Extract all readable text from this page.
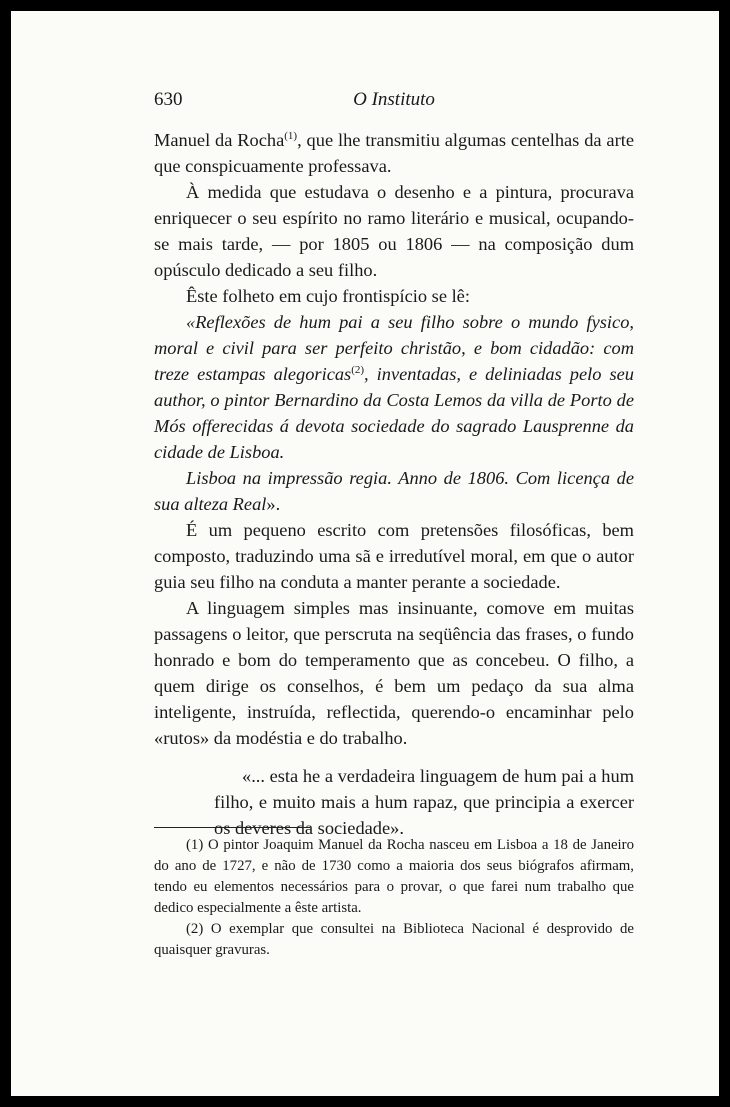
630	O Instituto

Manuel da Rocha$^{(1)}$, que lhe transmitiu algumas centelhas da arte que conspicuamente professava.

À medida que estudava o desenho e a pintura, procurava enriquecer o seu espírito no ramo literário e musical, ocupando-se mais tarde, — por 1805 ou 1806 — na composição dum opúsculo dedicado a seu filho.

Êste folheto em cujo frontispício se lê:

«Reflexões de hum pai a seu filho sobre o mundo fysico, moral e civil para ser perfeito christão, e bom cidadão: com treze estampas alegoricas$^{(2)}$, inventadas, e deliniadas pelo seu author, o pintor Bernardino da Costa Lemos da villa de Porto de Mós offerecidas á devota sociedade do sagrado Lausprenne da cidade de Lisboa.

Lisboa na impressão regia. Anno de 1806. Com licença de sua alteza Real».

É um pequeno escrito com pretensões filosóficas, bem composto, traduzindo uma sã e irredutível moral, em que o autor guia seu filho na conduta a manter perante a sociedade.

A linguagem simples mas insinuante, comove em muitas passagens o leitor, que perscruta na seqüência das frases, o fundo honrado e bom do temperamento que as concebeu. O filho, a quem dirige os conselhos, é bem um pedaço da sua alma inteligente, instruída, reflectida, querendo-o encaminhar pelo «rutos» da modéstia e do trabalho.

«... esta he a verdadeira linguagem de hum pai a hum filho, e muito mais a hum rapaz, que principia a exercer os deveres da sociedade».

(1) O pintor Joaquim Manuel da Rocha nasceu em Lisboa a 18 de Janeiro do ano de 1727, e não de 1730 como a maioria dos seus biógrafos afirmam, tendo eu elementos necessários para o provar, o que farei num trabalho que dedico especialmente a êste artista.

(2) O exemplar que consultei na Biblioteca Nacional é desprovido de quaisquer gravuras.
